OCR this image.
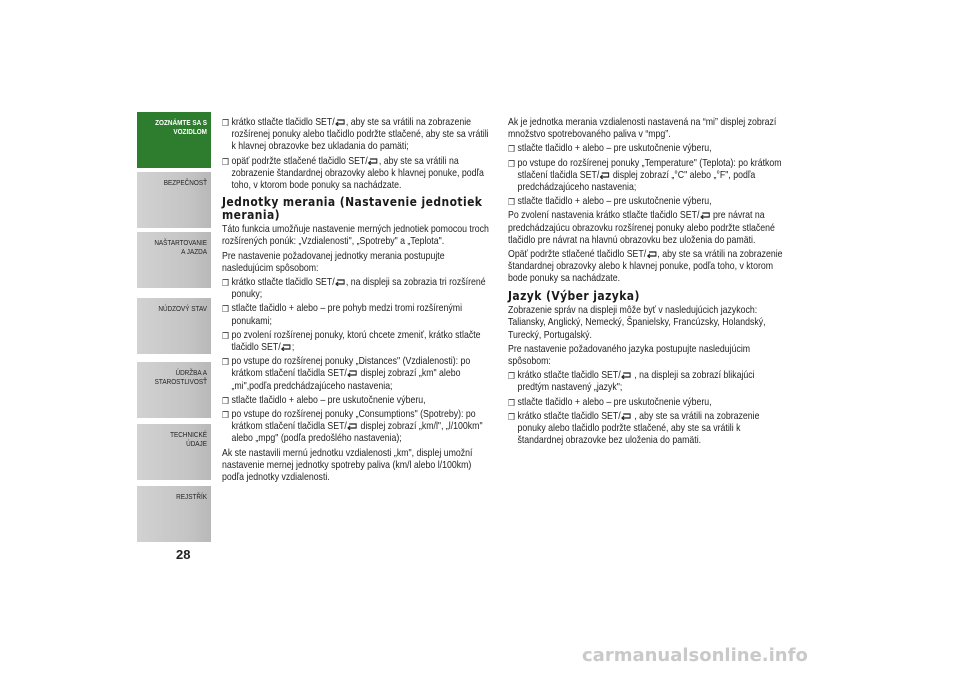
ZOZNÁMTE SA S VOZIDLOM
BEZPEČNOSŤ
NAŠTARTOVANIE A JAZDA
NÚDZOVÝ STAV
ÚDRŽBA A STAROSTLIVOSŤ
TECHNICKÉ ÚDAJE
REJSTŘÍK
28
❒ krátko stlačte tlačidlo SET/ , aby ste sa vrátili na zobrazenie rozšírenej ponuky alebo tlačidlo podržte stlačené, aby ste sa vrátili k hlavnej obrazovke bez ukladania do pamäti;
❒ opäť podržte stlačené tlačidlo SET/ , aby ste sa vrátili na zobrazenie štandardnej obrazovky alebo k hlavnej ponuke, podľa toho, v ktorom bode ponuky sa nachádzate.
Jednotky merania (Nastavenie jednotiek merania)
Táto funkcia umožňuje nastavenie merných jednotiek pomocou troch rozšírených ponúk: „Vzdialenosti", „Spotreby" a „Teplota".
Pre nastavenie požadovanej jednotky merania postupujte nasledujúcim spôsobom:
❒ krátko stlačte tlačidlo SET/ , na displeji sa zobrazia tri rozšírené ponuky;
❒ stlačte tlačidlo + alebo – pre pohyb medzi tromi rozšírenými ponukami;
❒ po zvolení rozšírenej ponuky, ktorú chcete zmeniť, krátko stlačte tlačidlo SET/ ;
❒ po vstupe do rozšírenej ponuky „Distances" (Vzdialenosti): po krátkom stlačení tlačidla SET/ displej zobrazí „km" alebo „mi",podľa predchádzajúceho nastavenia;
❒ stlačte tlačidlo + alebo – pre uskutočnenie výberu,
❒ po vstupe do rozšírenej ponuky „Consumptions" (Spotreby): po krátkom stlačení tlačidla SET/ displej zobrazí „km/l", „l/100km" alebo „mpg" (podľa predošlého nastavenia);
Ak ste nastavili mernú jednotku vzdialenosti „km", displej umožní nastavenie mernej jednotky spotreby paliva (km/l alebo l/100km) podľa jednotky vzdialenosti.
Ak je jednotka merania vzdialenosti nastavená na “mi” displej zobrazí množstvo spotrebovaného paliva v “mpg”.
❒ stlačte tlačidlo + alebo – pre uskutočnenie výberu,
❒ po vstupe do rozšírenej ponuky „Temperature" (Teplota): po krátkom stlačení tlačidla SET/ displej zobrazí „°C" alebo „°F", podľa predchádzajúceho nastavenia;
❒ stlačte tlačidlo + alebo – pre uskutočnenie výberu,
Po zvolení nastavenia krátko stlačte tlačidlo SET/ pre návrat na predchádzajúcu obrazovku rozšírenej ponuky alebo podržte stlačené tlačidlo pre návrat na hlavnú obrazovku bez uloženia do pamäti.
Opäť podržte stlačené tlačidlo SET/ , aby ste sa vrátili na zobrazenie štandardnej obrazovky alebo k hlavnej ponuke, podľa toho, v ktorom bode ponuky sa nachádzate.
Jazyk (Výber jazyka)
Zobrazenie správ na displeji môže byť v nasledujúcich jazykoch: Taliansky, Anglický, Nemecký, Španielsky, Francúzsky, Holandský, Turecký, Portugalský.
Pre nastavenie požadovaného jazyka postupujte nasledujúcim spôsobom:
❒ krátko stlačte tlačidlo SET/ , na displeji sa zobrazí blikajúci predtým nastavený „jazyk";
❒ stlačte tlačidlo + alebo – pre uskutočnenie výberu,
❒ krátko stlačte tlačidlo SET/ , aby ste sa vrátili na zobrazenie ponuky alebo tlačidlo podržte stlačené, aby ste sa vrátili k štandardnej obrazovke bez uloženia do pamäti.
carmanualsonline.info
